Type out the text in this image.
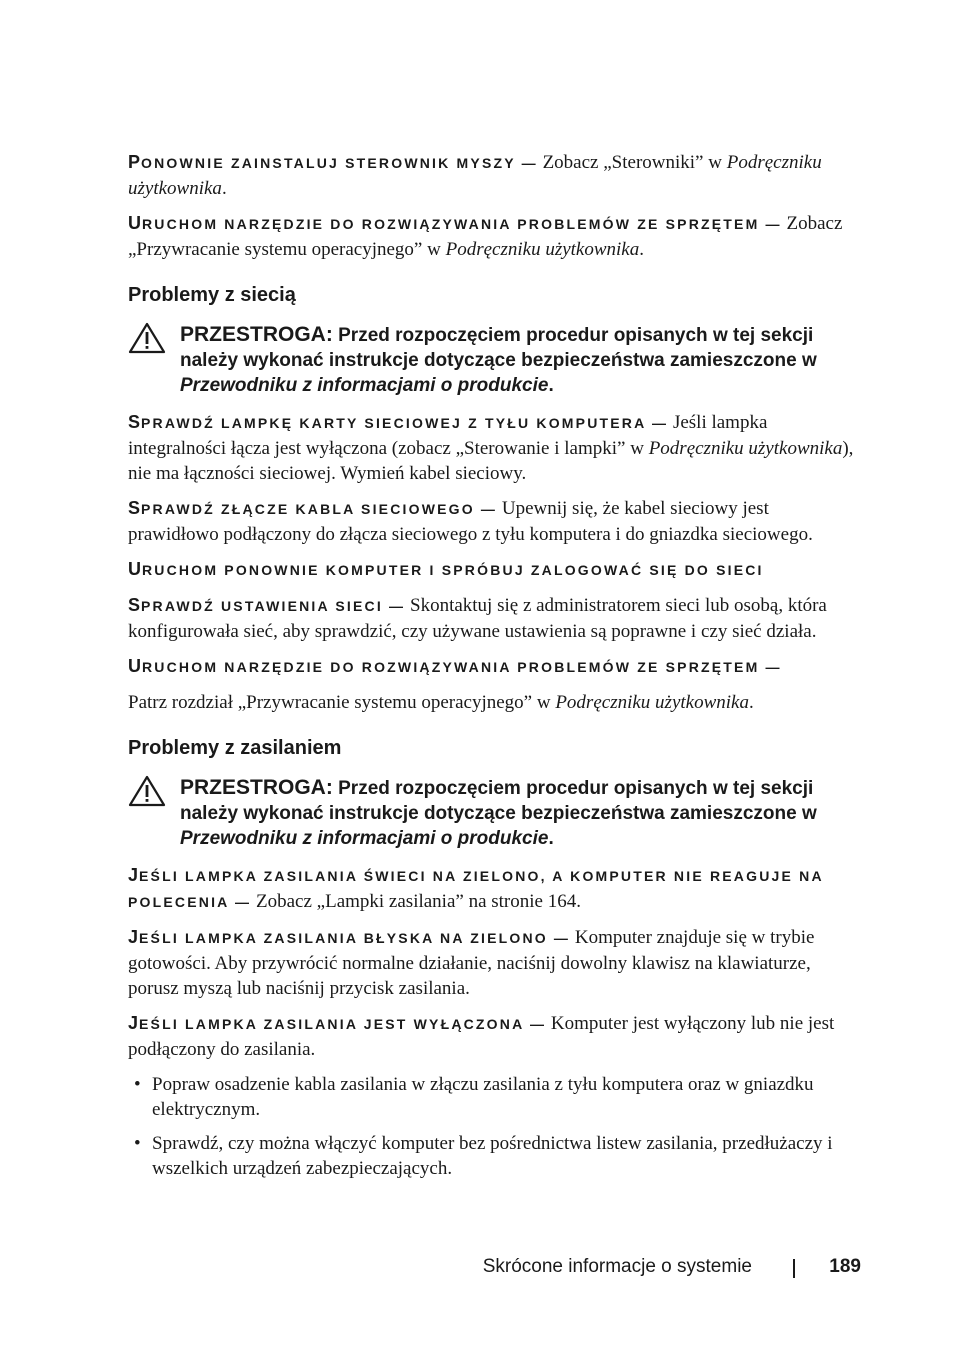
PONOWNIE ZAINSTALUJ STEROWNIK MYSZY — Zobacz „Sterowniki” w Podręczniku użytkownika.

URUCHOM NARZĘDZIE DO ROZWIĄZYWANIA PROBLEMÓW ZE SPRZĘTEM — Zobacz „Przywracanie systemu operacyjnego” w Podręczniku użytkownika.

Problemy z siecią
PRZESTROGA: Przed rozpoczęciem procedur opisanych w tej sekcji należy wykonać instrukcje dotyczące bezpieczeństwa zamieszczone w Przewodniku z informacjami o produkcie.

SPRAWDŹ LAMPKĘ KARTY SIECIOWEJ Z TYŁU KOMPUTERA — Jeśli lampka integralności łącza jest wyłączona (zobacz „Sterowanie i lampki” w Podręczniku użytkownika), nie ma łączności sieciowej. Wymień kabel sieciowy.

SPRAWDŹ ZŁĄCZE KABLA SIECIOWEGO — Upewnij się, że kabel sieciowy jest prawidłowo podłączony do złącza sieciowego z tyłu komputera i do gniazdka sieciowego.

URUCHOM PONOWNIE KOMPUTER I SPRÓBUJ ZALOGOWAĆ SIĘ DO SIECI

SPRAWDŹ USTAWIENIA SIECI — Skontaktuj się z administratorem sieci lub osobą, która konfigurowała sieć, aby sprawdzić, czy używane ustawienia są poprawne i czy sieć działa.

URUCHOM NARZĘDZIE DO ROZWIĄZYWANIA PROBLEMÓW ZE SPRZĘTEM —

Patrz rozdział „Przywracanie systemu operacyjnego” w Podręczniku użytkownika.

Problemy z zasilaniem
PRZESTROGA: Przed rozpoczęciem procedur opisanych w tej sekcji należy wykonać instrukcje dotyczące bezpieczeństwa zamieszczone w Przewodniku z informacjami o produkcie.

JEŚLI LAMPKA ZASILANIA ŚWIECI NA ZIELONO, A KOMPUTER NIE REAGUJE NA POLECENIA — Zobacz „Lampki zasilania” na stronie 164.

JEŚLI LAMPKA ZASILANIA BŁYSKA NA ZIELONO — Komputer znajduje się w trybie gotowości. Aby przywrócić normalne działanie, naciśnij dowolny klawisz na klawiaturze, porusz myszą lub naciśnij przycisk zasilania.

JEŚLI LAMPKA ZASILANIA JEST WYŁĄCZONA — Komputer jest wyłączony lub nie jest podłączony do zasilania.

• Popraw osadzenie kabla zasilania w złączu zasilania z tyłu komputera oraz w gniazdku elektrycznym.
• Sprawdź, czy można włączyć komputer bez pośrednictwa listew zasilania, przedłużaczy i wszelkich urządzeń zabezpieczających.
Skrócone informacje o systemie	189
